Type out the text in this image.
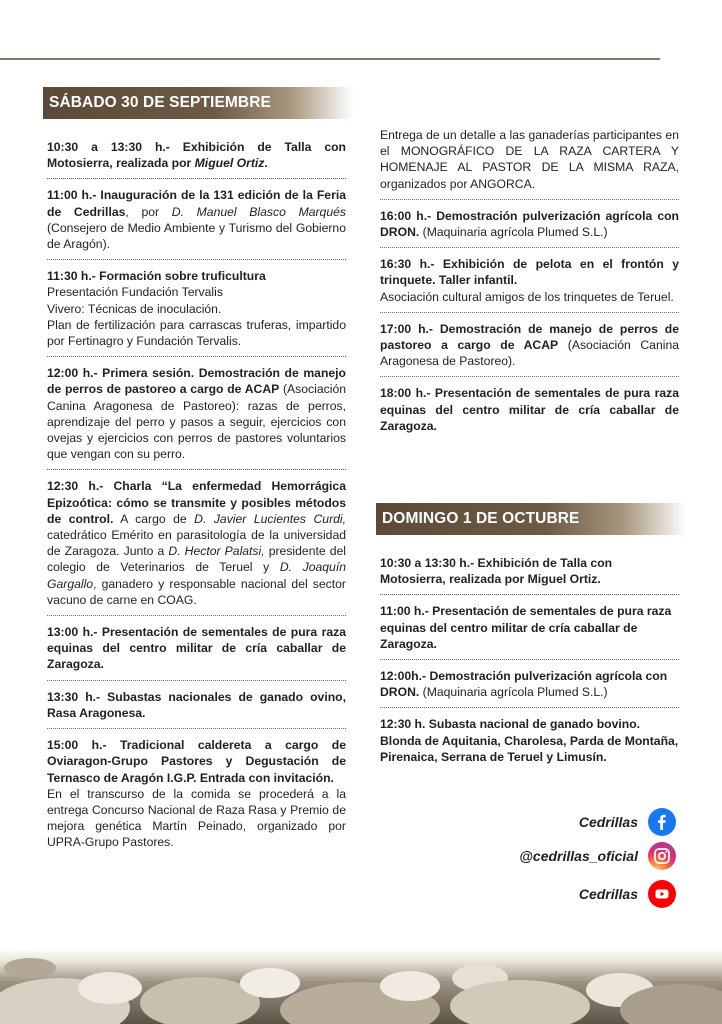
SÁBADO 30 DE SEPTIEMBRE
10:30 a 13:30 h.- Exhibición de Talla con Motosierra, realizada por Miguel Ortiz.
11:00 h.- Inauguración de la 131 edición de la Feria de Cedrillas, por D. Manuel Blasco Marqués (Consejero de Medio Ambiente y Turismo del Gobierno de Aragón).
11:30 h.- Formación sobre truficultura
Presentación Fundación Tervalis
Vivero: Técnicas de inoculación.
Plan de fertilización para carrascas truferas, impartido por Fertinagro y Fundación Tervalis.
12:00 h.- Primera sesión. Demostración de manejo de perros de pastoreo a cargo de ACAP (Asociación Canina Aragonesa de Pastoreo): razas de perros, aprendizaje del perro y pasos a seguir, ejercicios con ovejas y ejercicios con perros de pastores voluntarios que vengan con su perro.
12:30 h.- Charla “La enfermedad Hemorrágica Epizoótica: cómo se transmite y posibles métodos de control. A cargo de D. Javier Lucientes Curdi, catedrático Emérito en parasitología de la universidad de Zaragoza. Junto a D. Hector Palatsi, presidente del colegio de Veterinarios de Teruel y D. Joaquín Gargallo, ganadero y responsable nacional del sector vacuno de carne en COAG.
13:00 h.- Presentación de sementales de pura raza equinas del centro militar de cría caballar de Zaragoza.
13:30 h.- Subastas nacionales de ganado ovino, Rasa Aragonesa.
15:00 h.- Tradicional caldereta a cargo de Oviaragon-Grupo Pastores y Degustación de Ternasco de Aragón I.G.P. Entrada con invitación.
En el transcurso de la comida se procederá a la entrega Concurso Nacional de Raza Rasa y Premio de mejora genética Martín Peinado, organizado por UPRA-Grupo Pastores.
Entrega de un detalle a las ganaderías participantes en el MONOGRÁFICO DE LA RAZA CARTERA Y HOMENAJE AL PASTOR DE LA MISMA RAZA, organizados por ANGORCA.
16:00 h.- Demostración pulverización agrícola con DRON. (Maquinaria agrícola Plumed S.L.)
16:30 h.- Exhibición de pelota en el frontón y trinquete. Taller infantil.
Asociación cultural amigos de los trinquetes de Teruel.
17:00 h.- Demostración de manejo de perros de pastoreo a cargo de ACAP (Asociación Canina Aragonesa de Pastoreo).
18:00 h.- Presentación de sementales de pura raza equinas del centro militar de cría caballar de Zaragoza.
DOMINGO 1 DE OCTUBRE
10:30 a 13:30 h.- Exhibición de Talla con Motosierra, realizada por Miguel Ortiz.
11:00 h.- Presentación de sementales de pura raza equinas del centro militar de cría caballar de Zaragoza.
12:00h.- Demostración pulverización agrícola con DRON. (Maquinaria agrícola Plumed S.L.)
12:30 h. Subasta nacional de ganado bovino. Blonda de Aquitania, Charolesa, Parda de Montaña, Pirenaica, Serrana de Teruel y Limusín.
Cedrillas
@cedrillas_oficial
Cedrillas
